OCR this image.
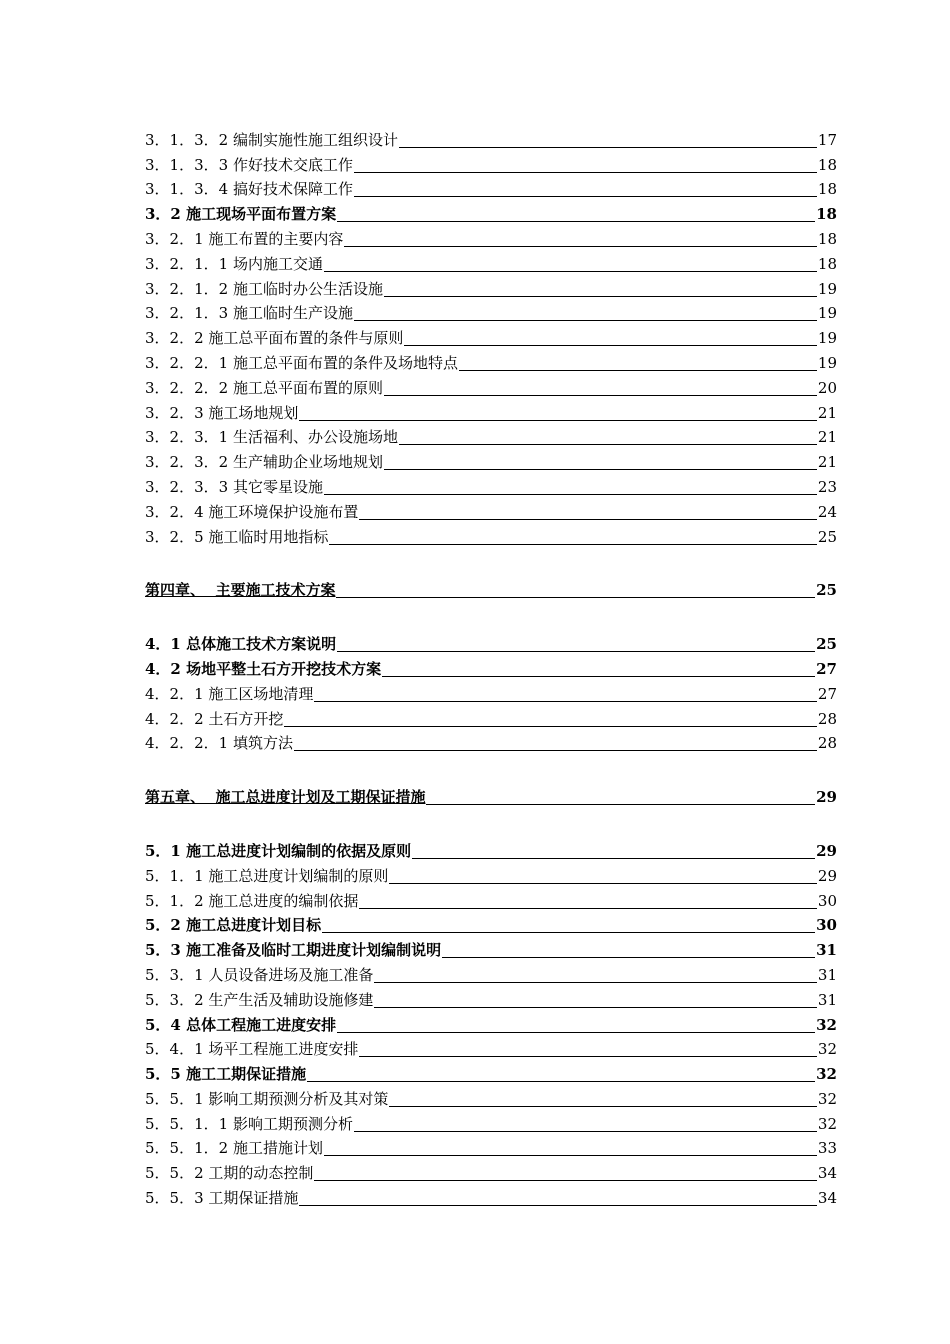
3．1．3．2 编制实施性施工组织设计	17
3．1．3．3 作好技术交底工作	18
3．1．3．4 搞好技术保障工作	18
3．2 施工现场平面布置方案	18
3．2．1 施工布置的主要内容	18
3．2．1．1 场内施工交通	18
3．2．1．2 施工临时办公生活设施	19
3．2．1．3 施工临时生产设施	19
3．2．2 施工总平面布置的条件与原则	19
3．2．2．1 施工总平面布置的条件及场地特点	19
3．2．2．2 施工总平面布置的原则	20
3．2．3 施工场地规划	21
3．2．3．1 生活福利、办公设施场地	21
3．2．3．2 生产辅助企业场地规划	21
3．2．3．3 其它零星设施	23
3．2．4 施工环境保护设施布置	24
3．2．5 施工临时用地指标	25
第四章、  主要施工技术方案	25
4．1 总体施工技术方案说明	25
4．2 场地平整土石方开挖技术方案	27
4．2．1 施工区场地清理	27
4．2．2 土石方开挖	28
4．2．2．1 填筑方法	28
第五章、  施工总进度计划及工期保证措施	29
5．1 施工总进度计划编制的依据及原则	29
5．1．1 施工总进度计划编制的原则	29
5．1．2 施工总进度的编制依据	30
5．2 施工总进度计划目标	30
5．3 施工准备及临时工期进度计划编制说明	31
5．3．1 人员设备进场及施工准备	31
5．3．2 生产生活及辅助设施修建	31
5．4 总体工程施工进度安排	32
5．4．1 场平工程施工进度安排	32
5．5 施工工期保证措施	32
5．5．1 影响工期预测分析及其对策	32
5．5．1．1 影响工期预测分析	32
5．5．1．2 施工措施计划	33
5．5．2 工期的动态控制	34
5．5．3 工期保证措施	34
